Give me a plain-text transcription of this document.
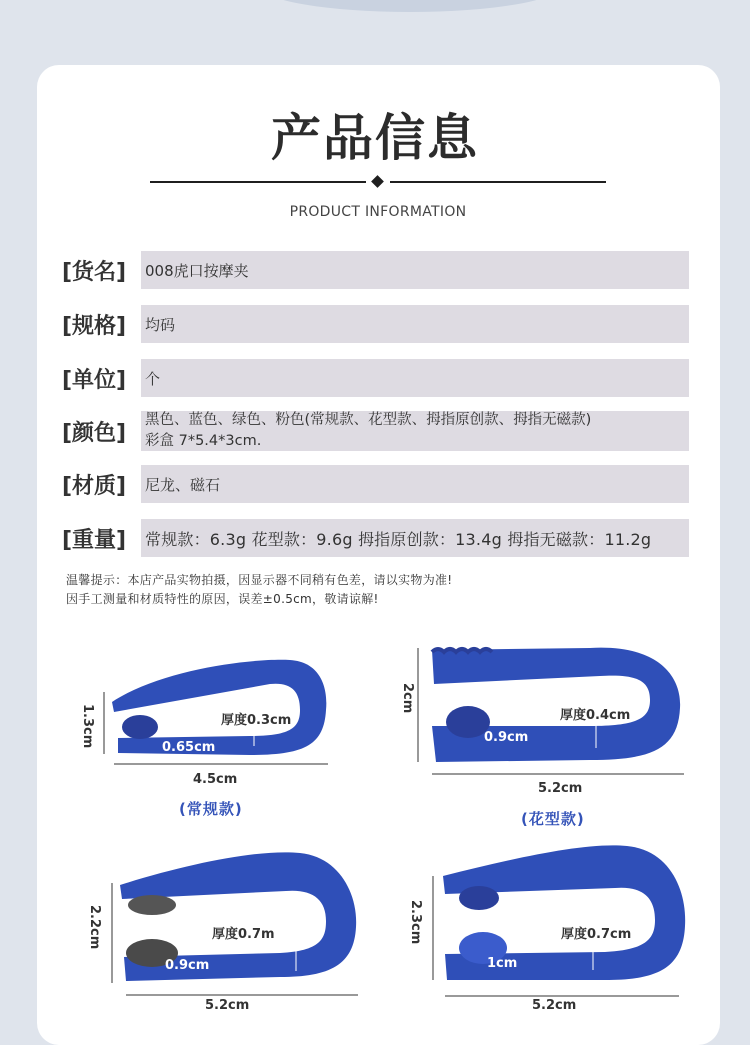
产品信息
PRODUCT INFORMATION
[货名] 008虎口按摩夹
[规格] 均码
[单位] 个
[颜色]
黑色、蓝色、绿色、粉色(常规款、花型款、拇指原创款、拇指无磁款)
彩盒 7*5.4*3cm.
[材质] 尼龙、磁石
[重量] 常规款：6.3g 花型款：9.6g 拇指原创款：13.4g 拇指无磁款：11.2g
温馨提示：本店产品实物拍摄，因显示器不同稍有色差，请以实物为准!
因手工测量和材质特性的原因，误差±0.5cm，敬请谅解!
1.3cm	厚度0.3cm
0.65cm
4.5cm
(常规款)
2cm
厚度0.4cm
0.9cm
5.2cm
(花型款)
2.2cm	厚度0.7m
0.9cm
5.2cm
2.3cm	厚度0.7cm
1cm
5.2cm
